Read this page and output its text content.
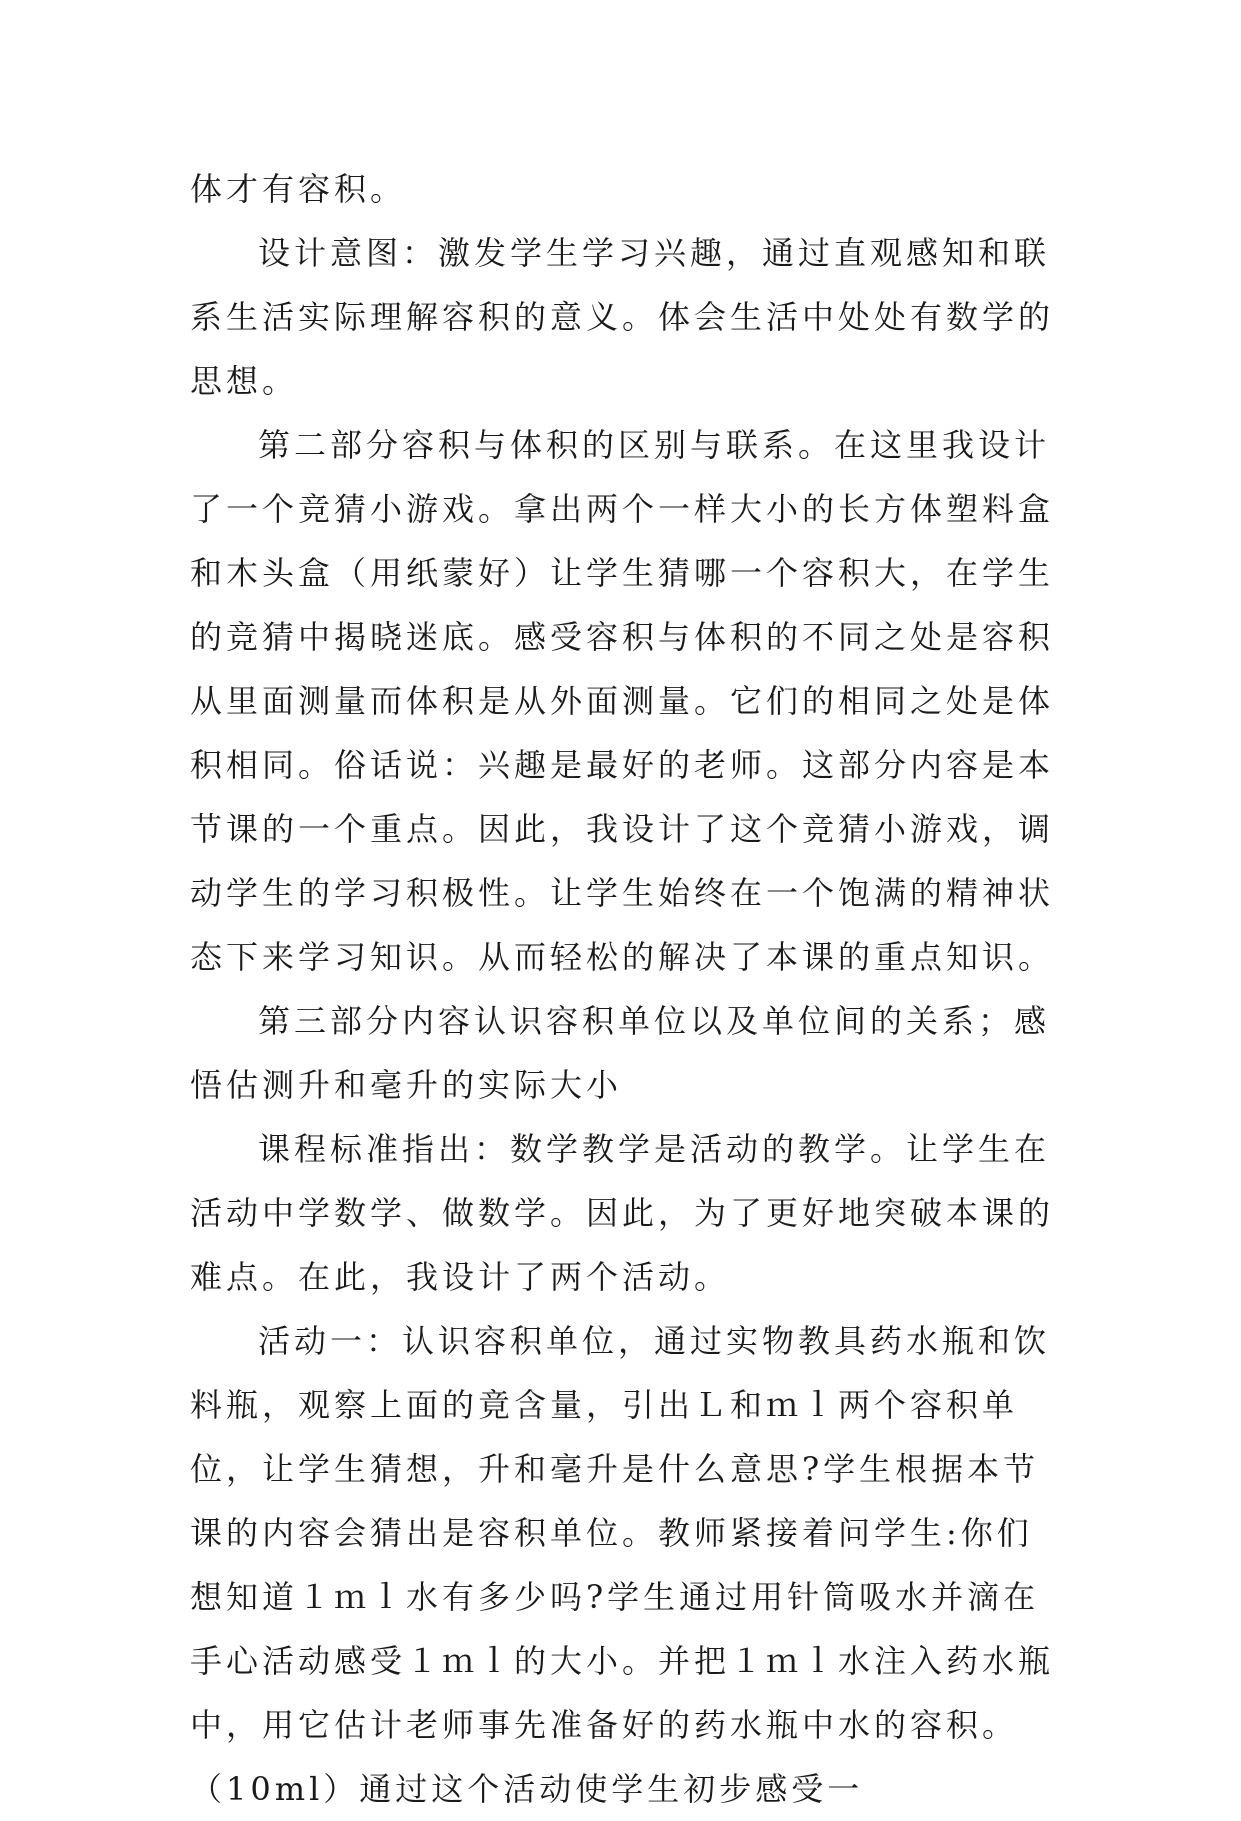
体才有容积。

设计意图：激发学生学习兴趣，通过直观感知和联系生活实际理解容积的意义。体会生活中处处有数学的思想。

第二部分容积与体积的区别与联系。在这里我设计了一个竞猜小游戏。拿出两个一样大小的长方体塑料盒和木头盒（用纸蒙好）让学生猜哪一个容积大，在学生的竞猜中揭晓迷底。感受容积与体积的不同之处是容积从里面测量而体积是从外面测量。它们的相同之处是体积相同。俗话说：兴趣是最好的老师。这部分内容是本节课的一个重点。因此，我设计了这个竞猜小游戏，调动学生的学习积极性。让学生始终在一个饱满的精神状态下来学习知识。从而轻松的解决了本课的重点知识。

第三部分内容认识容积单位以及单位间的关系；感悟估测升和毫升的实际大小

课程标准指出：数学教学是活动的教学。让学生在活动中学数学、做数学。因此，为了更好地突破本课的难点。在此，我设计了两个活动。

活动一：认识容积单位，通过实物教具药水瓶和饮料瓶，观察上面的竟含量，引出Ｌ和ｍｌ两个容积单位，让学生猜想，升和毫升是什么意思?学生根据本节课的内容会猜出是容积单位。教师紧接着问学生:你们想知道１ｍｌ水有多少吗?学生通过用针筒吸水并滴在手心活动感受１ｍｌ的大小。并把１ｍｌ水注入药水瓶中，用它估计老师事先准备好的药水瓶中水的容积。（10ml）通过这个活动使学生初步感受一
